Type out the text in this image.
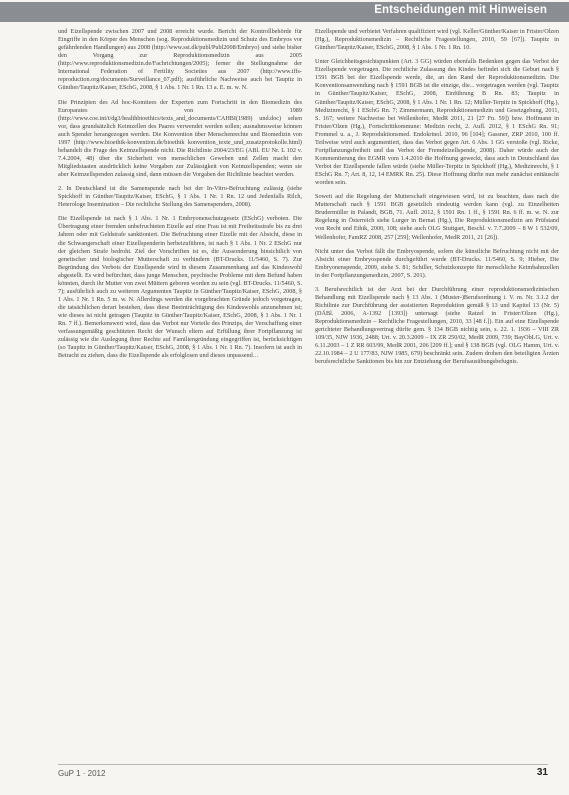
Entscheidungen mit Hinweisen

und Eizellspende zwischen 2007 und 2008 erreicht wurde. Bericht der Kontrollbehörde für Eingriffe in den Körper des Menschen (sog. Reproduktionsmedizin und Schutz des Embryos vor gefährdenden Handlungen) aus 2008 (http://www.sst.dk/publ/Publ2008/Embryo) und siehe bisher den Vorgang zur Reproduktionsmedizin aus 2005 (http://www.reproduktionsmedizin.de/Fachrichtungen/2005); ferner die Stellungnahme der International Federation of Fertility Societies aus 2007 (http://www.iffs-reproduction.org/documents/Surveillance_07.pdf); ausführliche Nachweise auch bei Taupitz in Günther/Taupitz/Kaiser, ESchG, 2008, § 1 Abs. 1 Nr. 1 Rn. 13 a. E. m. w. N.

Die Prinzipien des Ad hoc-Komitees der Experten zum Fortschritt in den Biomedizin des Europarates von 1989 (http://www.coe.int/t/dg3/healthbioethics/texts_and_documents/CAHBI(1989) und.doc) sehen vor, dass grundsätzlich Keimzellen des Paares verwendet werden sollen; ausnahmsweise können auch Spender herangezogen werden. Die Konvention über Menschenrechte und Biomedizin von 1997 (http://www.bioethik-konvention.de/bioethik konvention_texte_und_zusatzprotokolle.html) behandelt die Frage des Keimzellspende nicht. Die Richtlinie 2004/23/EG (ABl. EU Nr. L 102 v. 7.4.2004, 48) über die Sicherheit von menschlichen Geweben und Zellen macht den Mitgliedstaaten ausdrücklich keine Vorgaben zur Zulässigkeit von Keimzellspenden; wenn sie aber Keimzellspenden zulassig sind, dann müssen die Vorgaben der Richtlinie beachtet werden.

2. In Deutschland ist die Samenspende nach bei der In-Vitro-Befruchtung zulässig (siehe Spickhoff in Günther/Taupitz/Kaiser, ESchG, § 1 Abs. 1 Nr. 1 Rn. 12 und Jedenfalls Rilch, Heterologe Insemination – Die rechtliche Stellung des Samenspenders, 2008).

Die Eizellspende ist nach § 1 Abs. 1 Nr. 1 Embryonenschutzgesetz (ESchG) verboten. Die Übertragung einer fremden unbefruchteten Eizelle auf eine Frau ist mit Freiheitsstrafe bis zu drei Jahren oder mit Geldstrafe sanktioniert. Die Befruchtung einer Eizelle mit der Absicht, diese in die Schwangerschaft einer Eizellspenderin herbeizuführen, ist nach § 1 Abs. 1 Nr. 2 ESchG nur der gleichen Strafe bedroht. Ziel der Vorschriften ist es, die Aussonderung hinsichtlich von genetischer und biologischer Mutterschaft zu verhindern (BT-Drucks. 11/5460, S. 7). Zur Begründung des Verbots der Eizellspende wird in diesem Zusammenhang auf das Kindeswohl abgestellt. Es wird befürchtet, dass junge Menschen, psychische Probleme mit dem Befund haben könnten, durch ihr Mutter von zwei Müttern geboren worden zu sein (vgl. BT-Drucks. 11/5460, S. 7); ausführlich auch zu weiteren Argumenten Taupitz in Günther/Taupitz/Kaiser, ESchG, 2008, § 1 Abs. 1 Nr. 1 Rn. 5 m. w. N. Allerdings werden die vorgebrachten Gründe jedoch vorgetragen, die tatsächlichen derart bestehen, dass diese Beeinträchtigung des Kindeswohls anzunehmen ist; wie dieses ist nicht getragen (Taupitz in Günther/Taupitz/Kaiser, ESchG, 2008, § 1 Abs. 1 Nr. 1 Rn. 7 ff.). Bemerkenswert wird, dass das Verbot nur Vorteile des Prinzips, der Verschaffung einer verfassungsmäßig geschützten Recht der Wunsch eltern auf Erfüllung ihrer Fortpflanzung ist zulässig wie die Auslegung ihrer Rechte auf Familiengründung eingegriffen ist, berücksichtigen (so Taupitz in Günther/Taupitz/Kaiser, ESchG, 2008, § 1 Abs. 1 Nr. 1 Rn. 7). Insofern ist auch in Betracht zu ziehen, dass die Eizellspende als erfolglosen und dieses unpassend…

Eizellspende und verbietet Verfahren qualifiziert wird (vgl. Keller/Günther/Kaiser in Frister/Olzen (Hg.), Reproduktionsmedizin – Rechtliche Fragestellungen, 2010, 59 [67]). Taupitz in Günther/Taupitz/Kaiser, ESchG, 2008, § 1 Abs. 1 Nr. 1 Rn. 10.

Unter Gleichheitsgesichtspunkten (Art. 3 GG) würden ebenfalls Bedenken gegen das Verbot der Eizellspende vorgetragen. Die rechtliche Zulassung des Kindes befindet sich die Geburt nach § 1591 BGB bei der Eizellspende werde, die, an den Rand der Reproduktionsmedizin. Die Konventionsanwendung nach § 1591 BGB ist die einzige, die... vorgetragen werden (vgl. Taupitz in Günther/Taupitz/Kaiser, ESchG, 2008, Einführung B Rn. 83; Taupitz in Günther/Taupitz/Kaiser, ESchG, 2008, § 1 Abs. 1 Nr. 1 Rn. 12; Müller-Terpitz in Spickhoff (Hg.), Medizinrecht, § 1 ESchG Rn. 7; Zimmermann, Reproduktionsmedizin und Gesetzgebung, 2011, S. 167; weitere Nachweise bei Wellenhofer, MedR 2011, 21 [27 Fn. 59]) bzw. Hoffmann in Frister/Olzen (Hg.), Fortschrittkommune: Medizin recht, 2. Aufl. 2012, § 1 ESchG Rn. 91; Frommel u. a., J. Reproduktionsmed. Endokrinol. 2010, 96 [104]; Gassner, ZRP 2010, 100 ff. Teilweise wird auch argumentiert, dass das Verbot gegen Art. 6 Abs. 1 GG verstoße (vgl. Ricke, Fortpflanzungsfreiheit und das Verbot der Fremdeizellspende, 2008). Daher würde auch der Kommentierung des EGMR vom 1.4.2010 die Hoffnung geweckt, dass auch in Deutschland das Verbot der Eizellspende fallen würde (siehe Müller-Terpitz in Spickhoff (Hg.), Medizinrecht, § 1 ESchG Rn. 7; Art. 8, 12, 14 EMRK Rn. 25). Diese Hoffnung dürfte nun mehr zunächst enttäuscht worden sein.

Soweit auf die Regelung der Mutterschaft eingewiesen wird, ist zu beachten, dass nach die Mutterschaft nach § 1591 BGB gesetzlich eindeutig werden kann (vgl. zu Einzelheiten Brudermüller in Palandt, BGB, 71. Aufl. 2012, § 1591 Rn. 1 ff., § 1591 Rn. 6 ff. m. w. N. zur Regelung in Österreich siehe Lurger in Bernat (Hg.), Die Reproduktionsmedizin am Prüfstand von Recht und Ethik, 2000, 108; siehe auch OLG Stuttgart, Beschl. v. 7.7.2009 – 8 W 1 532/09, Wellenhofer, FamRZ 2008, 257 [259]; Wellenhofer, MedR 2011, 21 [26]).

Nicht unter das Verbot fällt die Embryospende, sofern die künstliche Befruchtung nicht mit der Absicht einer Embryospende durchgeführt wurde (BT-Drucks. 11/5460, S. 9; Hieber, Die Embryonenspende, 2009, siehe S. 81; Schiller, Schutzkonzepte für menschliche Keimbahnzellen in der Fortpflanzungsmedizin, 2007, S. 201).

3. Berufsrechtlich ist der Arzt bei der Durchführung einer reproduktionsmedizinischen Behandlung mit Eizellspende nach § 13 Abs. 1 (Muster-)Berufsordnung i. V. m. Nr. 3.1.2 der Richtlinie zur Durchführung der assistierten Reproduktion gemäß § 13 und Kapitel 13 (Nr. 5) (DÄBl. 2006, A-1392 [1393]) untersagt (siehe Ratzel in Frister/Olzen (Hg.), Reproduktionsmedizin – Rechtliche Fragestellungen, 2010, 33 [48 f.]). Ein auf eine Eizellspende gerichteter Behandlungsvertrag dürfte gem. § 134 BGB nichtig sein, s. 22. 1. 1936 – VIII ZR 109/35, NJW 1936, 2488; Urt. v. 20.3.2009 – IX ZR 250/02, MedR 2009, 739; BayObLG, Urt. v. 6.11.2003 – 1 Z RR 603/99, MedR 2001, 206 [209 ff.]; und § 138 BGB (vgl. OLG Hamm, Urt. v. 22.10.1984 – 2 U 177/83, NJW 1985, 679) beschränkt sein. Zudem drohen den beteiligten Ärzten berufsrechtliche Sanktionen bis hin zur Entziehung der Berufsausübungsbefugnis.

GuP 1 · 2012	31
